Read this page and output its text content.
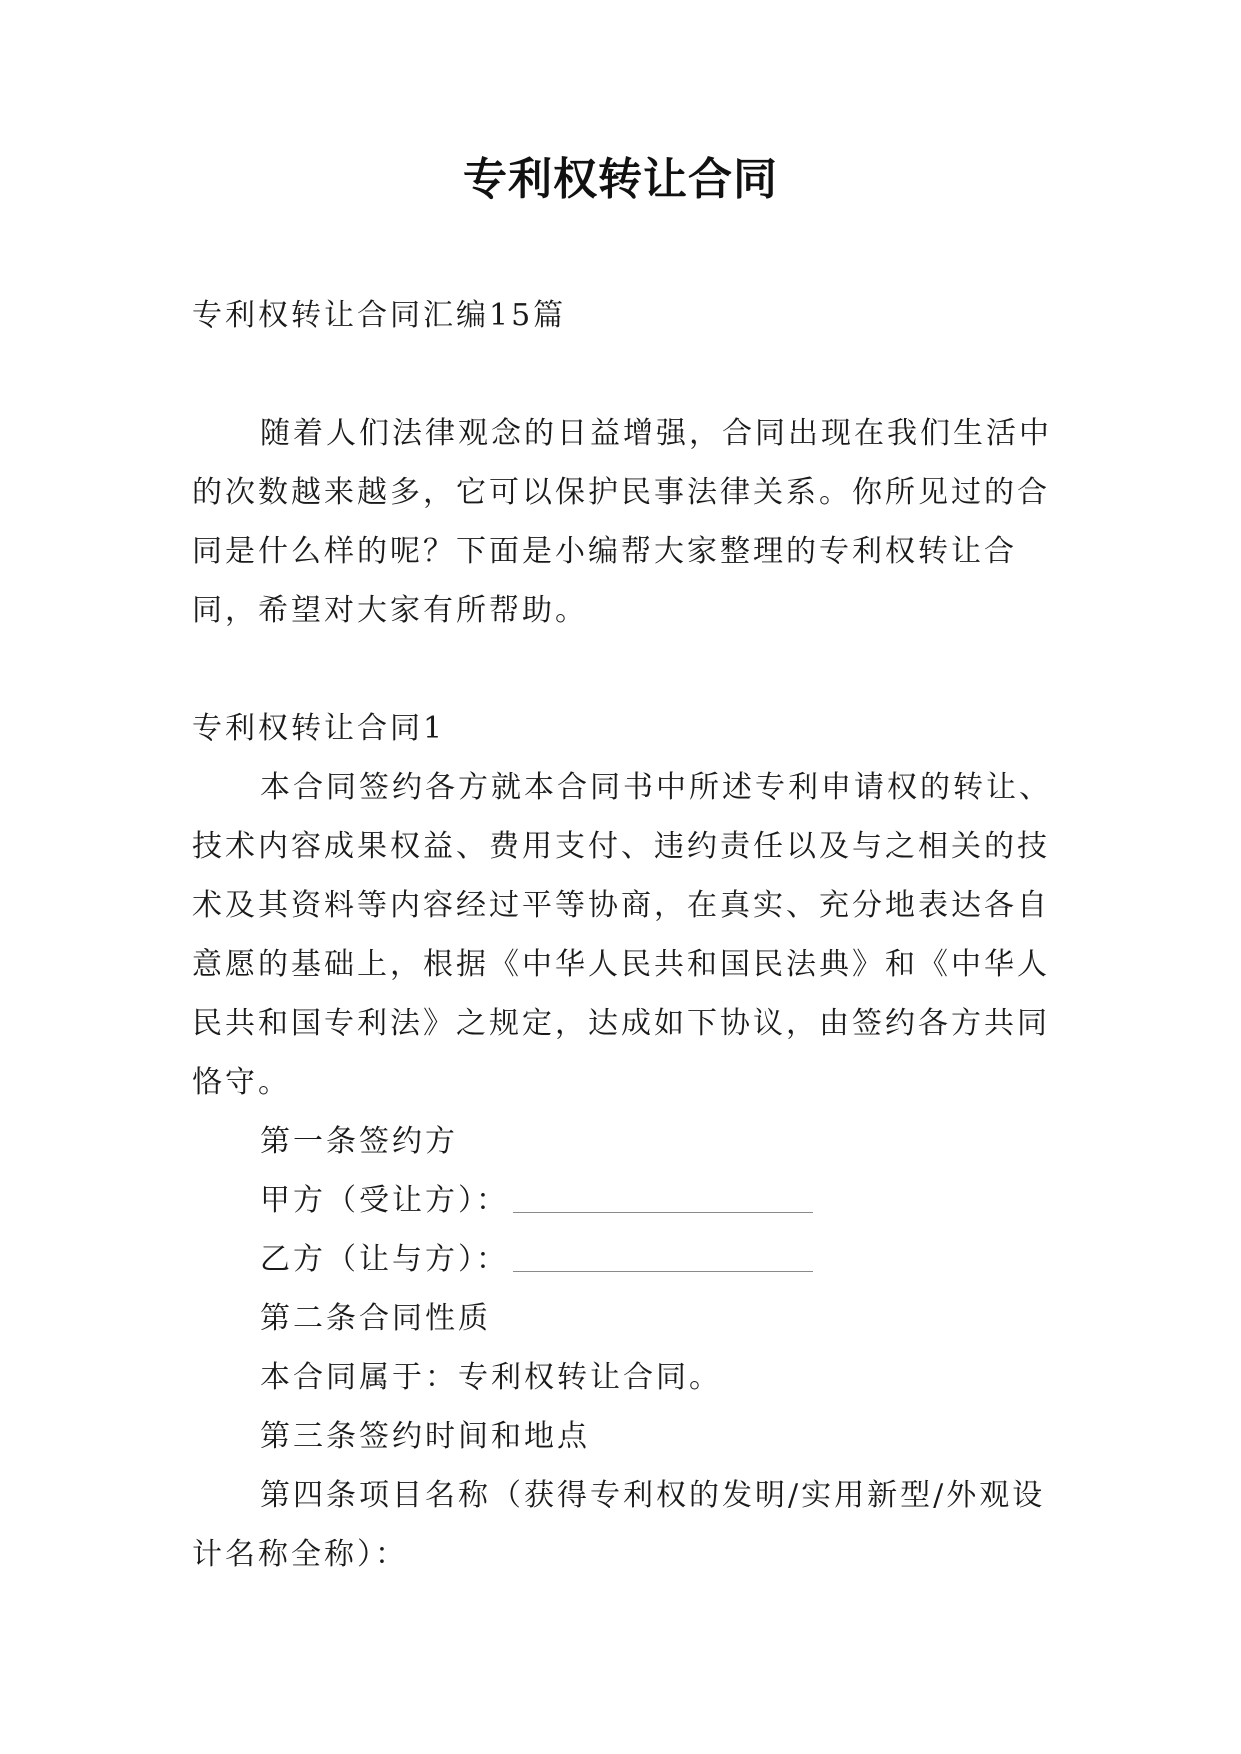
专利权转让合同

专利权转让合同汇编15篇

随着人们法律观念的日益增强，合同出现在我们生活中的次数越来越多，它可以保护民事法律关系。你所见过的合同是什么样的呢？下面是小编帮大家整理的专利权转让合同，希望对大家有所帮助。

专利权转让合同1

本合同签约各方就本合同书中所述专利申请权的转让、技术内容成果权益、费用支付、违约责任以及与之相关的技术及其资料等内容经过平等协商，在真实、充分地表达各自意愿的基础上，根据《中华人民共和国民法典》和《中华人民共和国专利法》之规定，达成如下协议，由签约各方共同恪守。

第一条签约方

甲方（受让方）：

乙方（让与方）：

第二条合同性质

本合同属于：专利权转让合同。

第三条签约时间和地点

第四条项目名称（获得专利权的发明/实用新型/外观设计名称全称）：
